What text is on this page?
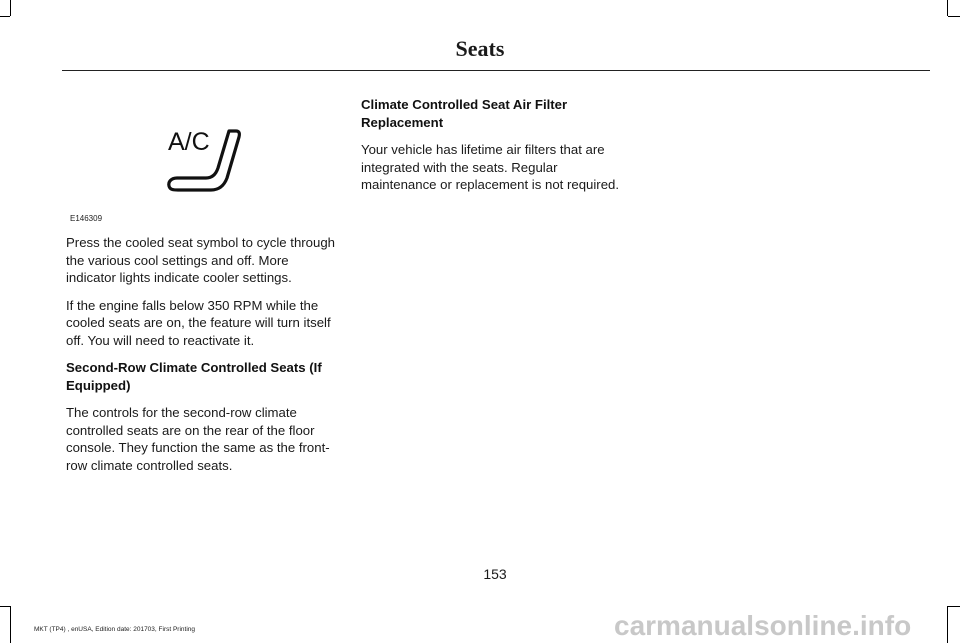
Seats
A/C
E146309

Press the cooled seat symbol to cycle through the various cool settings and off. More indicator lights indicate cooler settings.

If the engine falls below 350 RPM while the cooled seats are on, the feature will turn itself off. You will need to reactivate it.

Second-Row Climate Controlled Seats (If Equipped)

The controls for the second-row climate controlled seats are on the rear of the floor console. They function the same as the front-row climate controlled seats.

Climate Controlled Seat Air Filter Replacement

Your vehicle has lifetime air filters that are integrated with the seats. Regular maintenance or replacement is not required.

153
MKT (TP4) , enUSA, Edition date: 201703, First Printing	carmanualsonline.info
